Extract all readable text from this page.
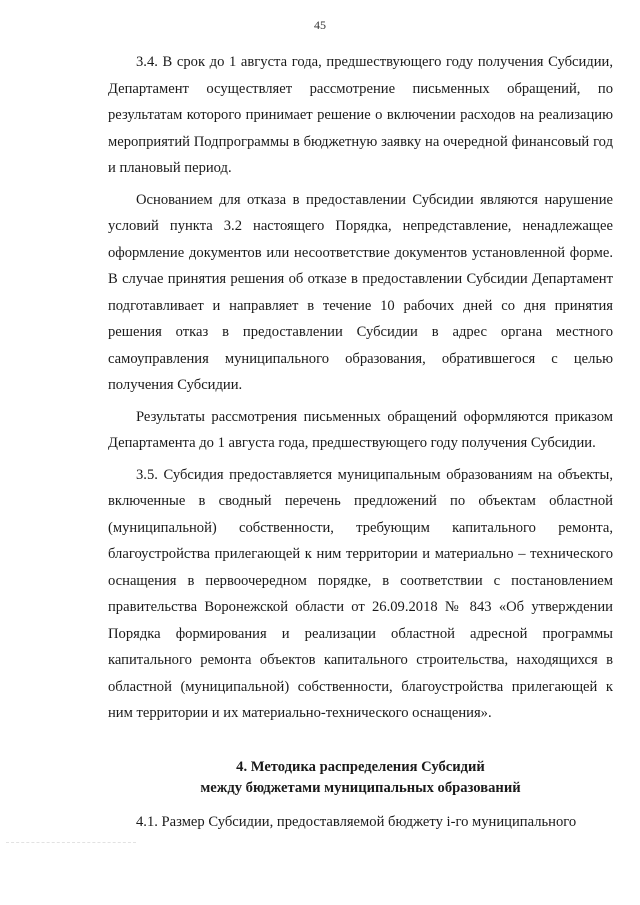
45

3.4. В срок до 1 августа года, предшествующего году получения Субсидии, Департамент осуществляет рассмотрение письменных обращений, по результатам которого принимает решение о включении расходов на реализацию мероприятий Подпрограммы в бюджетную заявку на очередной финансовый год и плановый период.

Основанием для отказа в предоставлении Субсидии являются нарушение условий пункта 3.2 настоящего Порядка, непредставление, ненадлежащее оформление документов или несоответствие документов установленной форме. В случае принятия решения об отказе в предоставлении Субсидии Департамент подготавливает и направляет в течение 10 рабочих дней со дня принятия решения отказ в предоставлении Субсидии в адрес органа местного самоуправления муниципального образования, обратившегося с целью получения Субсидии.

Результаты рассмотрения письменных обращений оформляются приказом Департамента до 1 августа года, предшествующего году получения Субсидии.

3.5. Субсидия предоставляется муниципальным образованиям на объекты, включенные в сводный перечень предложений по объектам областной (муниципальной) собственности, требующим капитального ремонта, благоустройства прилегающей к ним территории и материально – технического оснащения в первоочередном порядке, в соответствии с постановлением правительства Воронежской области от 26.09.2018 № 843 «Об утверждении Порядка формирования и реализации областной адресной программы капитального ремонта объектов капитального строительства, находящихся в областной (муниципальной) собственности, благоустройства прилегающей к ним территории и их материально-технического оснащения».

4. Методика распределения Субсидий
между бюджетами муниципальных образований

4.1. Размер Субсидии, предоставляемой бюджету i-го муниципального
